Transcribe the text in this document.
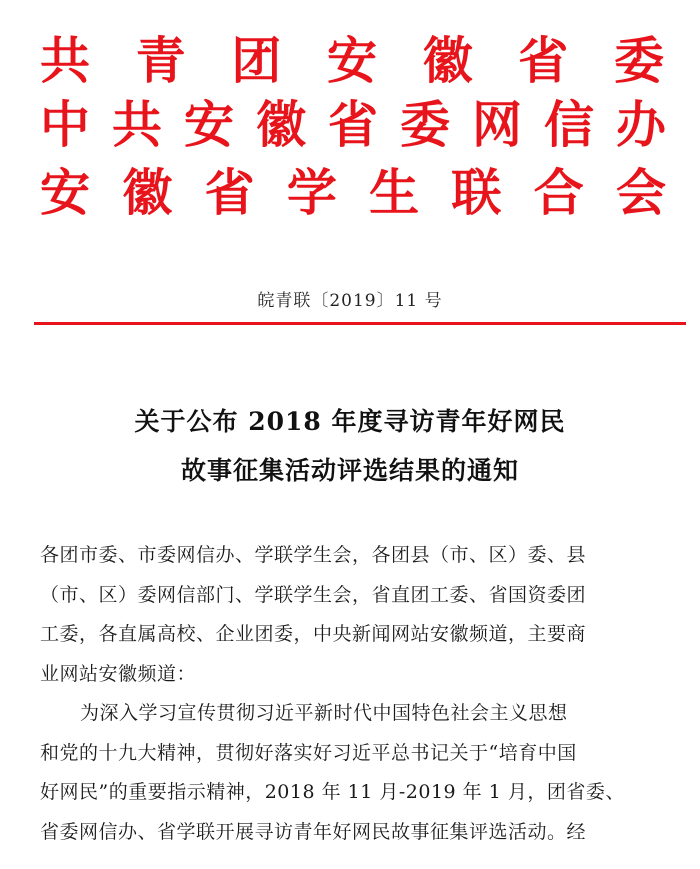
共 青 团 安 徽 省 委
中 共 安 徽 省 委 网 信 办
安 徽 省 学 生 联 合 会
皖青联〔2019〕11 号
关于公布 2018 年度寻访青年好网民
故事征集活动评选结果的通知

各团市委、市委网信办、学联学生会，各团县（市、区）委、县
（市、区）委网信部门、学联学生会，省直团工委、省国资委团
工委，各直属高校、企业团委，中央新闻网站安徽频道，主要商
业网站安徽频道：

为深入学习宣传贯彻习近平新时代中国特色社会主义思想
和党的十九大精神，贯彻好落实好习近平总书记关于“培育中国
好网民”的重要指示精神，2018 年 11 月-2019 年 1 月，团省委、
省委网信办、省学联开展寻访青年好网民故事征集评选活动。经
